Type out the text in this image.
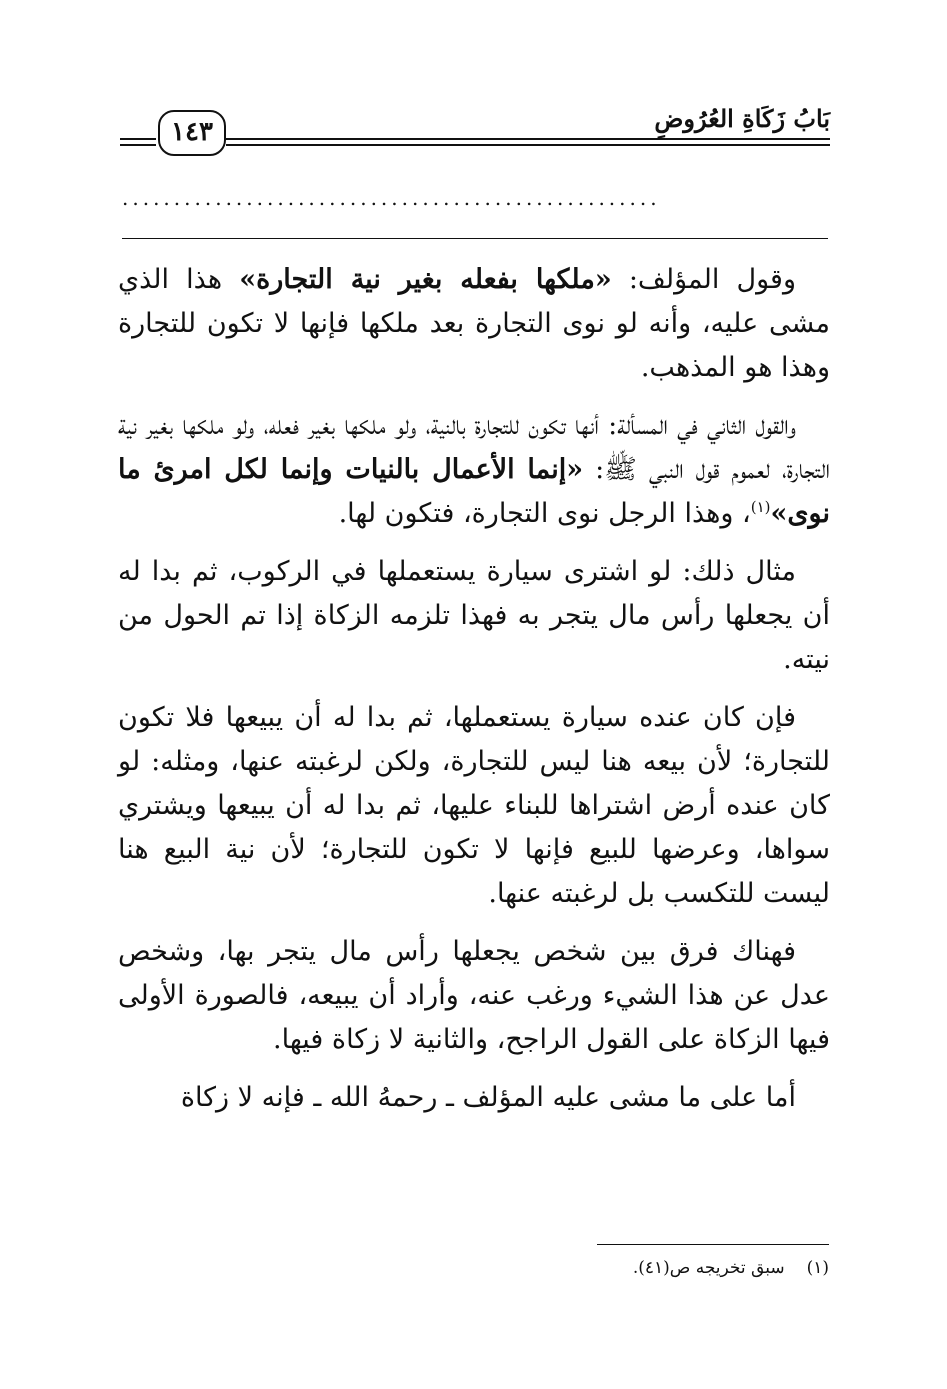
١٤٣	بَابُ زَكَاةِ العُرُوضِ
....................................................

وقول المؤلف: «ملكها بفعله بغير نية التجارة» هذا الذي مشى عليه، وأنه لو نوى التجارة بعد ملكها فإنها لا تكون للتجارة وهذا هو المذهب.

والقول الثاني في المسألة: أنها تكون للتجارة بالنية، ولو ملكها بغير فعله، ولو ملكها بغير نية التجارة، لعموم قول النبي ﷺ: «إنما الأعمال بالنيات وإنما لكل امرئ ما نوى»$^{(١)}$، وهذا الرجل نوى التجارة، فتكون لها.

مثال ذلك: لو اشترى سيارة يستعملها في الركوب، ثم بدا له أن يجعلها رأس مال يتجر به فهذا تلزمه الزكاة إذا تم الحول من نيته.

فإن كان عنده سيارة يستعملها، ثم بدا له أن يبيعها فلا تكون للتجارة؛ لأن بيعه هنا ليس للتجارة، ولكن لرغبته عنها، ومثله: لو كان عنده أرض اشتراها للبناء عليها، ثم بدا له أن يبيعها ويشتري سواها، وعرضها للبيع فإنها لا تكون للتجارة؛ لأن نية البيع هنا ليست للتكسب بل لرغبته عنها.

فهناك فرق بين شخص يجعلها رأس مال يتجر بها، وشخص عدل عن هذا الشيء ورغب عنه، وأراد أن يبيعه، فالصورة الأولى فيها الزكاة على القول الراجح، والثانية لا زكاة فيها.

أما على ما مشى عليه المؤلف ـ رحمهُ الله ـ فإنه لا زكاة

(١)سبق تخريجه ص(٤١).
